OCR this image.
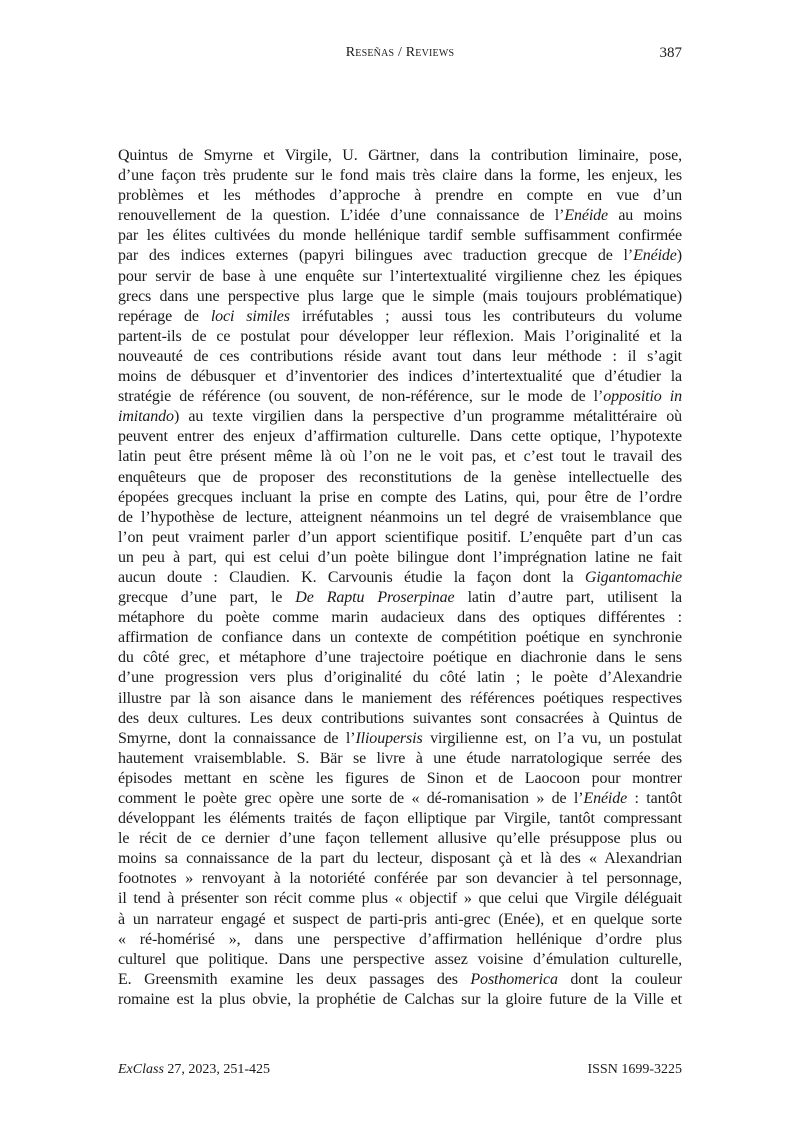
Reseñas / Reviews	387
Quintus de Smyrne et Virgile, U. Gärtner, dans la contribution liminaire, pose,
d’une façon très prudente sur le fond mais très claire dans la forme, les enjeux, les
problèmes et les méthodes d’approche à prendre en compte en vue d’un
renouvellement de la question. L’idée d’une connaissance de l’Enéide au moins
par les élites cultivées du monde hellénique tardif semble suffisamment confirmée
par des indices externes (papyri bilingues avec traduction grecque de l’Enéide)
pour servir de base à une enquête sur l’intertextualité virgilienne chez les épiques
grecs dans une perspective plus large que le simple (mais toujours problématique)
repérage de loci similes irréfutables ; aussi tous les contributeurs du volume
partent-ils de ce postulat pour développer leur réflexion. Mais l’originalité et la
nouveauté de ces contributions réside avant tout dans leur méthode : il s’agit
moins de débusquer et d’inventorier des indices d’intertextualité que d’étudier la
stratégie de référence (ou souvent, de non-référence, sur le mode de l’oppositio in
imitando) au texte virgilien dans la perspective d’un programme métalittéraire où
peuvent entrer des enjeux d’affirmation culturelle. Dans cette optique, l’hypotexte
latin peut être présent même là où l’on ne le voit pas, et c’est tout le travail des
enquêteurs que de proposer des reconstitutions de la genèse intellectuelle des
épopées grecques incluant la prise en compte des Latins, qui, pour être de l’ordre
de l’hypothèse de lecture, atteignent néanmoins un tel degré de vraisemblance que
l’on peut vraiment parler d’un apport scientifique positif. L’enquête part d’un cas
un peu à part, qui est celui d’un poète bilingue dont l’imprégnation latine ne fait
aucun doute : Claudien. K. Carvounis étudie la façon dont la Gigantomachie
grecque d’une part, le De Raptu Proserpinae latin d’autre part, utilisent la
métaphore du poète comme marin audacieux dans des optiques différentes :
affirmation de confiance dans un contexte de compétition poétique en synchronie
du côté grec, et métaphore d’une trajectoire poétique en diachronie dans le sens
d’une progression vers plus d’originalité du côté latin ; le poète d’Alexandrie
illustre par là son aisance dans le maniement des références poétiques respectives
des deux cultures. Les deux contributions suivantes sont consacrées à Quintus de
Smyrne, dont la connaissance de l’Ilioupersis virgilienne est, on l’a vu, un postulat
hautement vraisemblable. S. Bär se livre à une étude narratologique serrée des
épisodes mettant en scène les figures de Sinon et de Laocoon pour montrer
comment le poète grec opère une sorte de « dé-romanisation » de l’Enéide : tantôt
développant les éléments traités de façon elliptique par Virgile, tantôt compressant
le récit de ce dernier d’une façon tellement allusive qu’elle présuppose plus ou
moins sa connaissance de la part du lecteur, disposant çà et là des « Alexandrian
footnotes » renvoyant à la notoriété conférée par son devancier à tel personnage,
il tend à présenter son récit comme plus « objectif » que celui que Virgile déléguait
à un narrateur engagé et suspect de parti-pris anti-grec (Enée), et en quelque sorte
« ré-homérisé », dans une perspective d’affirmation hellénique d’ordre plus
culturel que politique. Dans une perspective assez voisine d’émulation culturelle,
E. Greensmith examine les deux passages des Posthomerica dont la couleur
romaine est la plus obvie, la prophétie de Calchas sur la gloire future de la Ville et
ExClass 27, 2023, 251-425	ISSN 1699-3225
